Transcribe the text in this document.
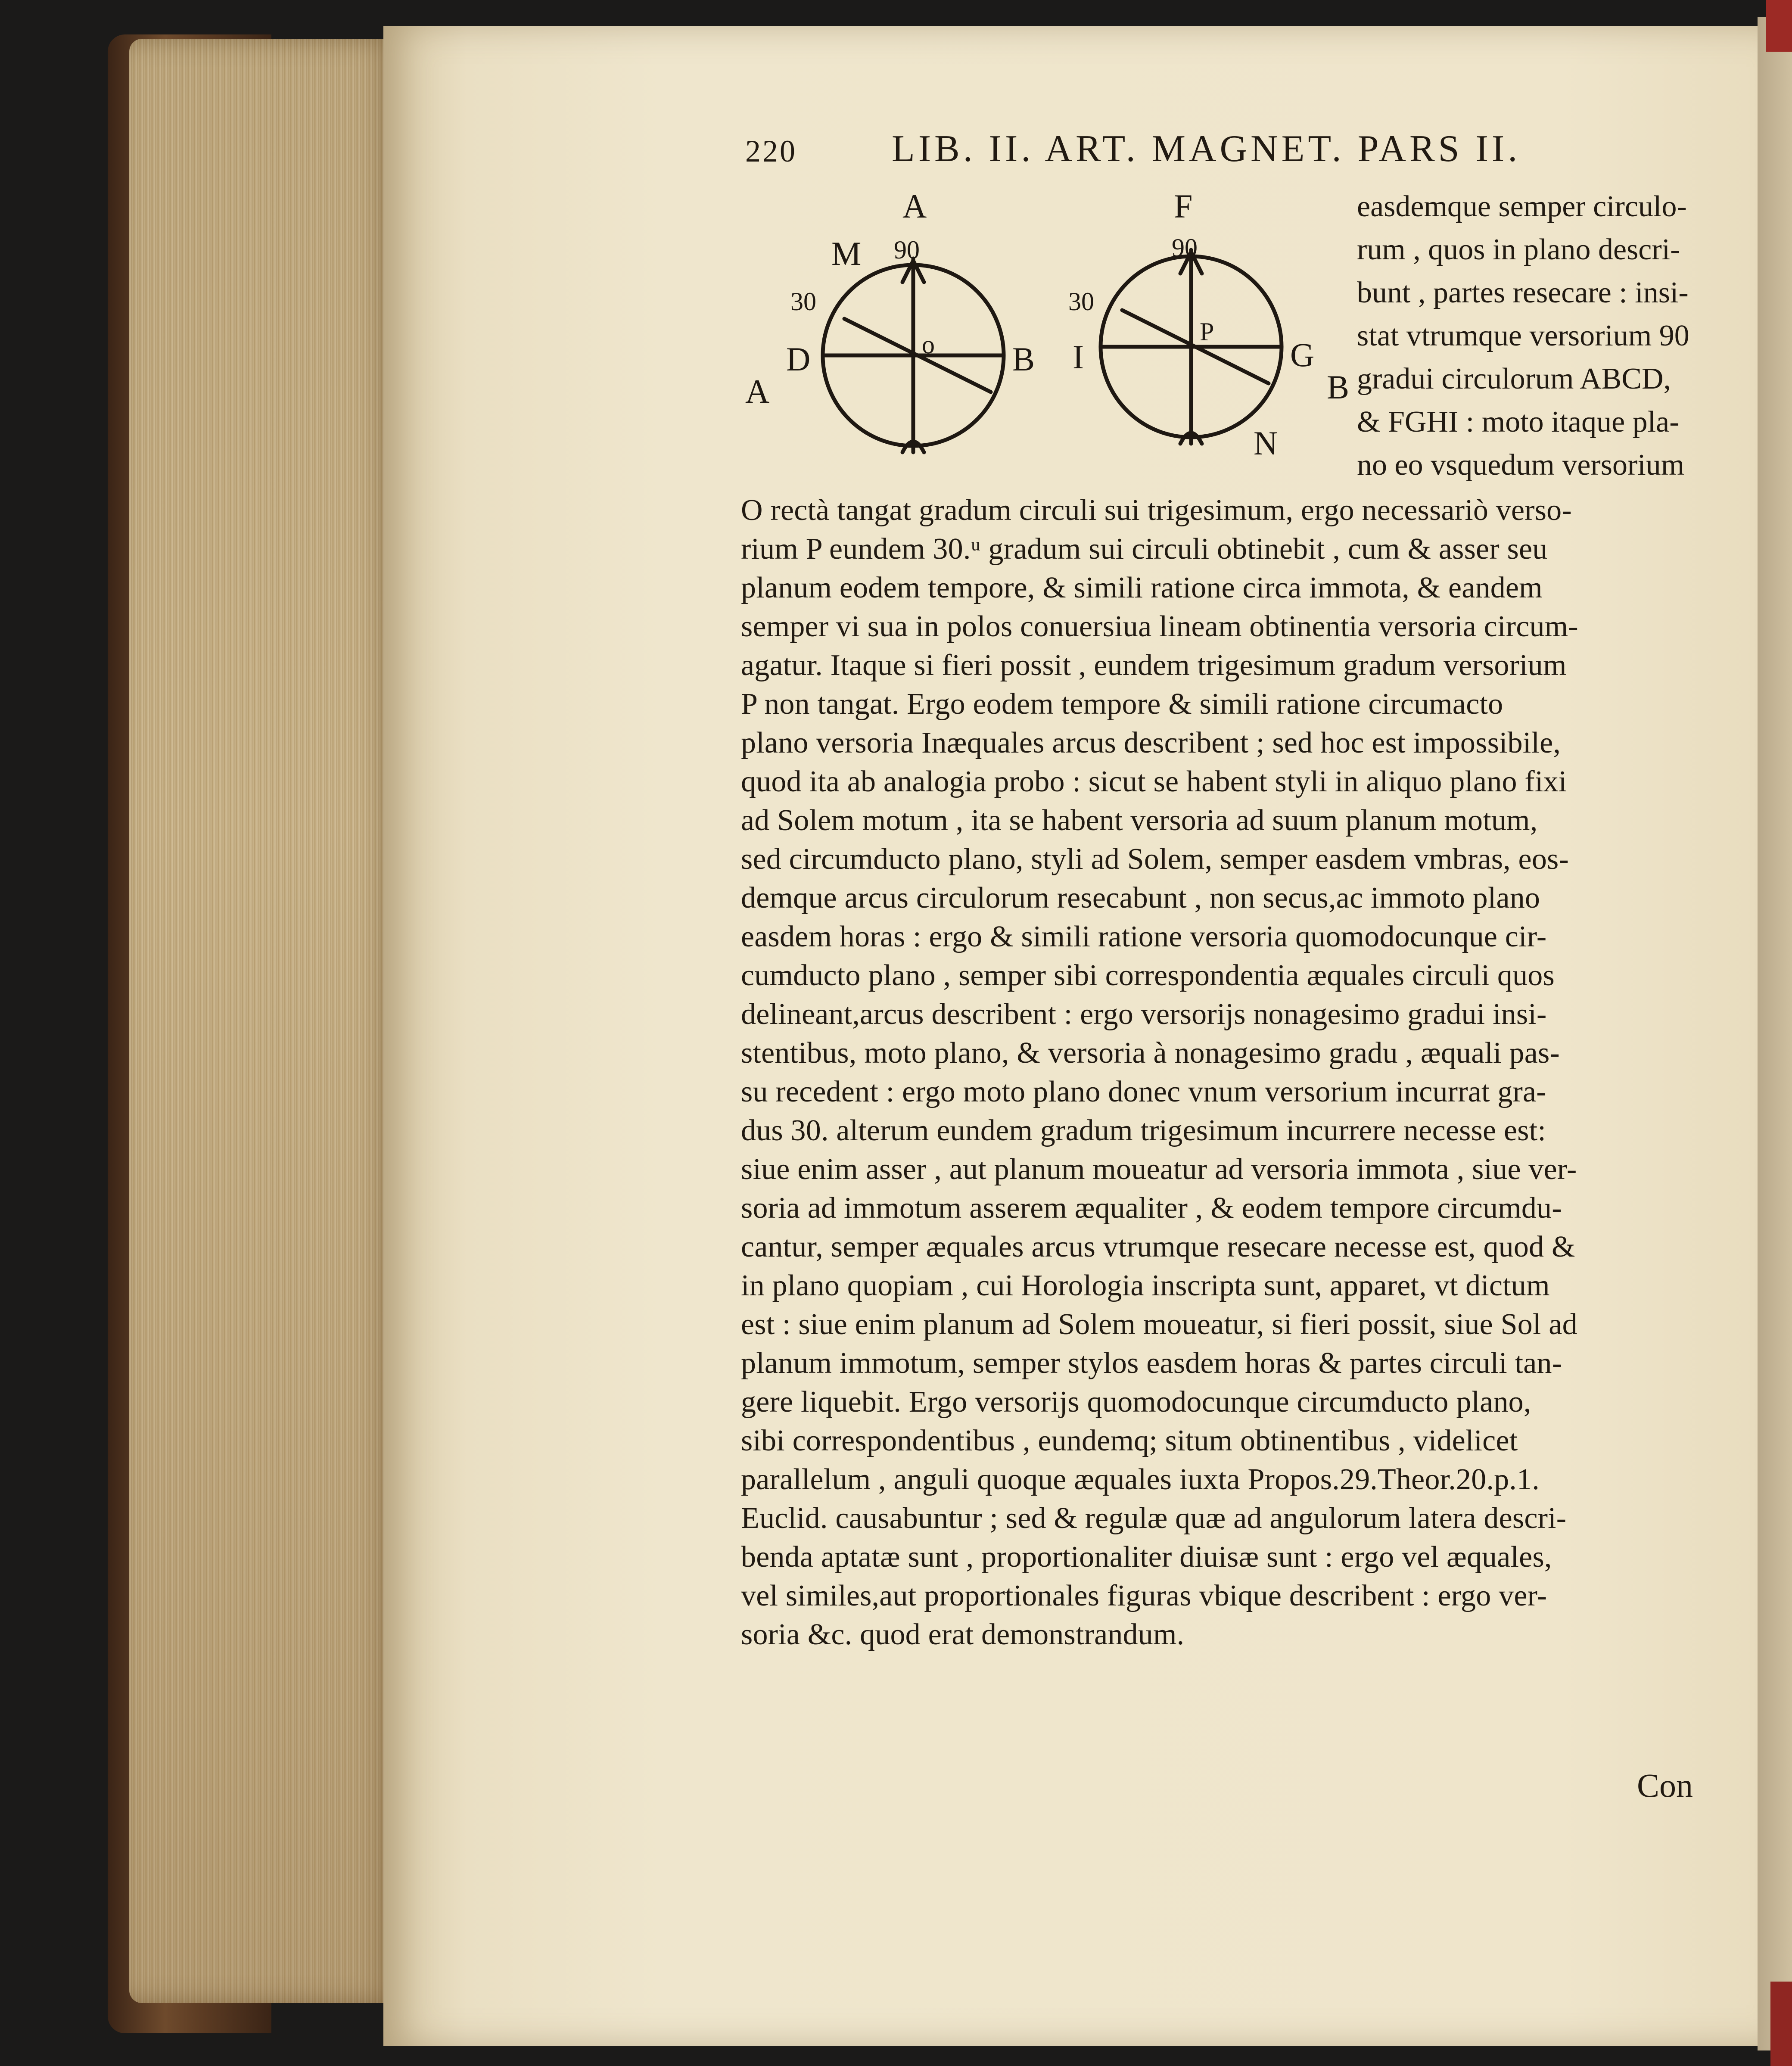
220	LIB. II. ART. MAGNET. PARS II.
A
M 90
30
D	B
o
A
F
90
30
I	G
P
N
B
easdemque semper circulo-
rum , quos in plano descri-
bunt , partes resecare : insi-
stat vtrumque versorium 90
gradui circulorum ABCD,
& FGHI : moto itaque pla-
no eo vsquedum versorium
O rectà tangat gradum circuli sui trigesimum, ergo necessariò verso-
rium P eundem 30.ᵘ gradum sui circuli obtinebit , cum & asser seu
planum eodem tempore, & simili ratione circa immota, & eandem
semper vi sua in polos conuersiua lineam obtinentia versoria circum-
agatur. Itaque si fieri possit , eundem trigesimum gradum versorium
P non tangat. Ergo eodem tempore & simili ratione circumacto
plano versoria Inæquales arcus describent ; sed hoc est impossibile,
quod ita ab analogia probo : sicut se habent styli in aliquo plano fixi
ad Solem motum , ita se habent versoria ad suum planum motum,
sed circumducto plano, styli ad Solem, semper easdem vmbras, eos-
demque arcus circulorum resecabunt , non secus,ac immoto plano
easdem horas : ergo & simili ratione versoria quomodocunque cir-
cumducto plano , semper sibi correspondentia æquales circuli quos
delineant,arcus describent : ergo versorijs nonagesimo gradui insi-
stentibus, moto plano, & versoria à nonagesimo gradu , æquali pas-
su recedent : ergo moto plano donec vnum versorium incurrat gra-
dus 30. alterum eundem gradum trigesimum incurrere necesse est:
siue enim asser , aut planum moueatur ad versoria immota , siue ver-
soria ad immotum asserem æqualiter , & eodem tempore circumdu-
cantur, semper æquales arcus vtrumque resecare necesse est, quod &
in plano quopiam , cui Horologia inscripta sunt, apparet, vt dictum
est : siue enim planum ad Solem moueatur, si fieri possit, siue Sol ad
planum immotum, semper stylos easdem horas & partes circuli tan-
gere liquebit. Ergo versorijs quomodocunque circumducto plano,
sibi correspondentibus , eundemq; situm obtinentibus , videlicet
parallelum , anguli quoque æquales iuxta Propos.29.Theor.20.p.1.
Euclid. causabuntur ; sed & regulæ quæ ad angulorum latera descri-
benda aptatæ sunt , proportionaliter diuisæ sunt : ergo vel æquales,
vel similes,aut proportionales figuras vbique describent : ergo ver-
soria &c. quod erat demonstrandum.
Con
